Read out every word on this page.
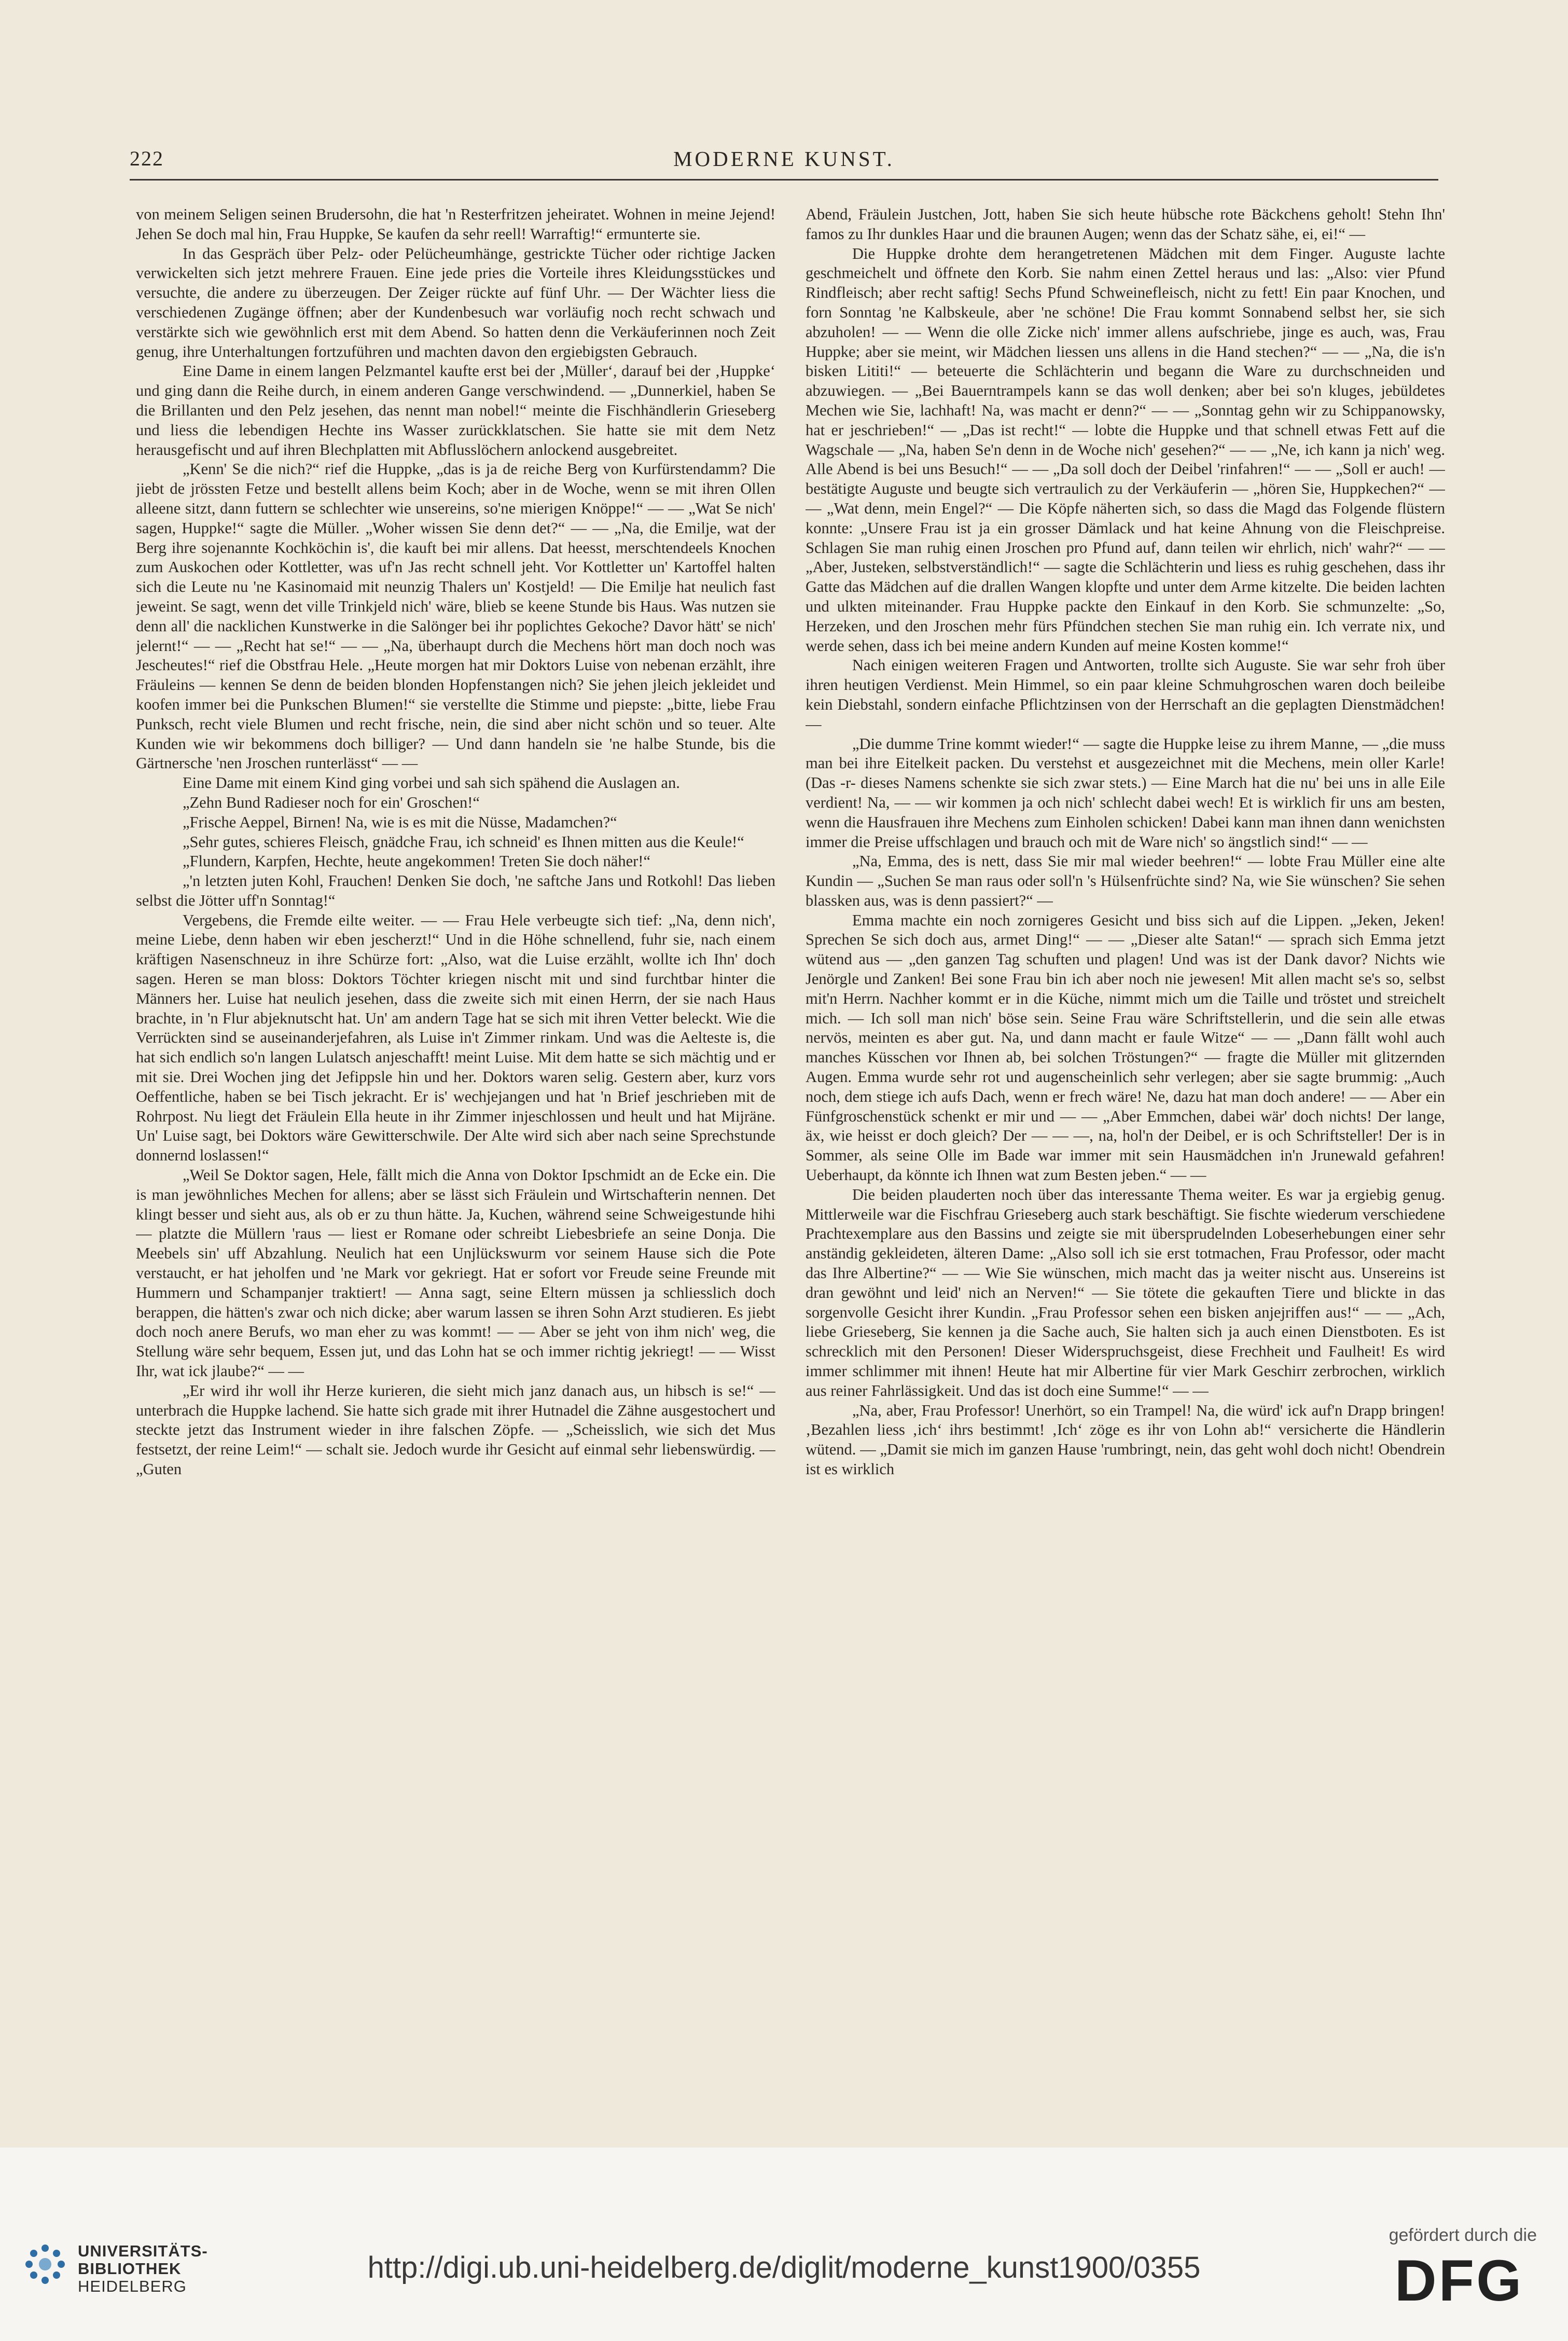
222	MODERNE KUNST.

von meinem Seligen seinen Brudersohn, die hat 'n Resterfritzen jeheiratet. Wohnen in meine Jejend! Jehen Se doch mal hin, Frau Huppke, Se kaufen da sehr reell! Warraftig!“ ermunterte sie.

In das Gespräch über Pelz- oder Pelücheumhänge, gestrickte Tücher oder richtige Jacken verwickelten sich jetzt mehrere Frauen. Eine jede pries die Vorteile ihres Kleidungsstückes und versuchte, die andere zu überzeugen. Der Zeiger rückte auf fünf Uhr. — Der Wächter liess die verschiedenen Zugänge öffnen; aber der Kundenbesuch war vorläufig noch recht schwach und verstärkte sich wie gewöhnlich erst mit dem Abend. So hatten denn die Verkäuferinnen noch Zeit genug, ihre Unterhaltungen fortzuführen und machten davon den ergiebigsten Gebrauch.

Eine Dame in einem langen Pelzmantel kaufte erst bei der ‚Müller‘, darauf bei der ‚Huppke‘ und ging dann die Reihe durch, in einem anderen Gange verschwindend. — „Dunnerkiel, haben Se die Brillanten und den Pelz jesehen, das nennt man nobel!“ meinte die Fischhändlerin Grieseberg und liess die lebendigen Hechte ins Wasser zurückklatschen. Sie hatte sie mit dem Netz herausgefischt und auf ihren Blechplatten mit Abflusslöchern anlockend ausgebreitet.

„Kenn' Se die nich?“ rief die Huppke, „das is ja de reiche Berg von Kurfürstendamm? Die jiebt de jrössten Fetze und bestellt allens beim Koch; aber in de Woche, wenn se mit ihren Ollen alleene sitzt, dann futtern se schlechter wie unsereins, so'ne mierigen Knöppe!“ — — „Wat Se nich' sagen, Huppke!“ sagte die Müller. „Woher wissen Sie denn det?“ — — „Na, die Emilje, wat der Berg ihre sojenannte Kochköchin is', die kauft bei mir allens. Dat heesst, merschtendeels Knochen zum Auskochen oder Kottletter, was uf'n Jas recht schnell jeht. Vor Kottletter un' Kartoffel halten sich die Leute nu 'ne Kasinomaid mit neunzig Thalers un' Kostjeld! — Die Emilje hat neulich fast jeweint. Se sagt, wenn det ville Trinkjeld nich' wäre, blieb se keene Stunde bis Haus. Was nutzen sie denn all' die nacklichen Kunstwerke in die Salönger bei ihr poplichtes Gekoche? Davor hätt' se nich' jelernt!“ — — „Recht hat se!“ — — „Na, überhaupt durch die Mechens hört man doch noch was Jescheutes!“ rief die Obstfrau Hele. „Heute morgen hat mir Doktors Luise von nebenan erzählt, ihre Fräuleins — kennen Se denn de beiden blonden Hopfenstangen nich? Sie jehen jleich jekleidet und koofen immer bei die Punkschen Blumen!“ sie verstellte die Stimme und piepste: „bitte, liebe Frau Punksch, recht viele Blumen und recht frische, nein, die sind aber nicht schön und so teuer. Alte Kunden wie wir bekommens doch billiger? — Und dann handeln sie 'ne halbe Stunde, bis die Gärtnersche 'nen Jroschen runterlässt“ — —

Eine Dame mit einem Kind ging vorbei und sah sich spähend die Auslagen an.

„Zehn Bund Radieser noch for ein' Groschen!“

„Frische Aeppel, Birnen! Na, wie is es mit die Nüsse, Madamchen?“

„Sehr gutes, schieres Fleisch, gnädche Frau, ich schneid' es Ihnen mitten aus die Keule!“

„Flundern, Karpfen, Hechte, heute angekommen! Treten Sie doch näher!“

„'n letzten juten Kohl, Frauchen! Denken Sie doch, 'ne saftche Jans und Rotkohl! Das lieben selbst die Jötter uff'n Sonntag!“

Vergebens, die Fremde eilte weiter. — — Frau Hele verbeugte sich tief: „Na, denn nich', meine Liebe, denn haben wir eben jescherzt!“ Und in die Höhe schnellend, fuhr sie, nach einem kräftigen Nasenschneuz in ihre Schürze fort: „Also, wat die Luise erzählt, wollte ich Ihn' doch sagen. Heren se man bloss: Doktors Töchter kriegen nischt mit und sind furchtbar hinter die Männers her. Luise hat neulich jesehen, dass die zweite sich mit einen Herrn, der sie nach Haus brachte, in 'n Flur abjeknutscht hat. Un' am andern Tage hat se sich mit ihren Vetter beleckt. Wie die Verrückten sind se auseinanderjefahren, als Luise in't Zimmer rinkam. Und was die Aelteste is, die hat sich endlich so'n langen Lulatsch anjeschafft! meint Luise. Mit dem hatte se sich mächtig und er mit sie. Drei Wochen jing det Jefippsle hin und her. Doktors waren selig. Gestern aber, kurz vors Oeffentliche, haben se bei Tisch jekracht. Er is' wechjejangen und hat 'n Brief jeschrieben mit de Rohrpost. Nu liegt det Fräulein Ella heute in ihr Zimmer injeschlossen und heult und hat Mijräne. Un' Luise sagt, bei Doktors wäre Gewitterschwile. Der Alte wird sich aber nach seine Sprechstunde donnernd loslassen!“

„Weil Se Doktor sagen, Hele, fällt mich die Anna von Doktor Ipschmidt an de Ecke ein. Die is man jewöhnliches Mechen for allens; aber se lässt sich Fräulein und Wirtschafterin nennen. Det klingt besser und sieht aus, als ob er zu thun hätte. Ja, Kuchen, während seine Schweigestunde hihi — platzte die Müllern 'raus — liest er Romane oder schreibt Liebesbriefe an seine Donja. Die Meebels sin' uff Abzahlung. Neulich hat een Unjlückswurm vor seinem Hause sich die Pote verstaucht, er hat jeholfen und 'ne Mark vor gekriegt. Hat er sofort vor Freude seine Freunde mit Hummern und Schampanjer traktiert! — Anna sagt, seine Eltern müssen ja schliesslich doch berappen, die hätten's zwar och nich dicke; aber warum lassen se ihren Sohn Arzt studieren. Es jiebt doch noch anere Berufs, wo man eher zu was kommt! — — Aber se jeht von ihm nich' weg, die Stellung wäre sehr bequem, Essen jut, und das Lohn hat se och immer richtig jekriegt! — — Wisst Ihr, wat ick jlaube?“ — —

„Er wird ihr woll ihr Herze kurieren, die sieht mich janz danach aus, un hibsch is se!“ — unterbrach die Huppke lachend. Sie hatte sich grade mit ihrer Hutnadel die Zähne ausgestochert und steckte jetzt das Instrument wieder in ihre falschen Zöpfe. — „Scheisslich, wie sich det Mus festsetzt, der reine Leim!“ — schalt sie. Jedoch wurde ihr Gesicht auf einmal sehr liebenswürdig. — „Guten

Abend, Fräulein Justchen, Jott, haben Sie sich heute hübsche rote Bäckchens geholt! Stehn Ihn' famos zu Ihr dunkles Haar und die braunen Augen; wenn das der Schatz sähe, ei, ei!“ —

Die Huppke drohte dem herangetretenen Mädchen mit dem Finger. Auguste lachte geschmeichelt und öffnete den Korb. Sie nahm einen Zettel heraus und las: „Also: vier Pfund Rindfleisch; aber recht saftig! Sechs Pfund Schweinefleisch, nicht zu fett! Ein paar Knochen, und forn Sonntag 'ne Kalbskeule, aber 'ne schöne! Die Frau kommt Sonnabend selbst her, sie sich abzuholen! — — Wenn die olle Zicke nich' immer allens aufschriebe, jinge es auch, was, Frau Huppke; aber sie meint, wir Mädchen liessen uns allens in die Hand stechen?“ — — „Na, die is'n bisken Lititi!“ — beteuerte die Schlächterin und begann die Ware zu durchschneiden und abzuwiegen. — „Bei Bauerntrampels kann se das woll denken; aber bei so'n kluges, jebüldetes Mechen wie Sie, lachhaft! Na, was macht er denn?“ — — „Sonntag gehn wir zu Schippanowsky, hat er jeschrieben!“ — „Das ist recht!“ — lobte die Huppke und that schnell etwas Fett auf die Wagschale — „Na, haben Se'n denn in de Woche nich' gesehen?“ — — „Ne, ich kann ja nich' weg. Alle Abend is bei uns Besuch!“ — — „Da soll doch der Deibel 'rinfahren!“ — — „Soll er auch! — bestätigte Auguste und beugte sich vertraulich zu der Verkäuferin — „hören Sie, Huppkechen?“ — — „Wat denn, mein Engel?“ — Die Köpfe näherten sich, so dass die Magd das Folgende flüstern konnte: „Unsere Frau ist ja ein grosser Dämlack und hat keine Ahnung von die Fleischpreise. Schlagen Sie man ruhig einen Jroschen pro Pfund auf, dann teilen wir ehrlich, nich' wahr?“ — — „Aber, Justeken, selbstverständlich!“ — sagte die Schlächterin und liess es ruhig geschehen, dass ihr Gatte das Mädchen auf die drallen Wangen klopfte und unter dem Arme kitzelte. Die beiden lachten und ulkten miteinander. Frau Huppke packte den Einkauf in den Korb. Sie schmunzelte: „So, Herzeken, und den Jroschen mehr fürs Pfündchen stechen Sie man ruhig ein. Ich verrate nix, und werde sehen, dass ich bei meine andern Kunden auf meine Kosten komme!“

Nach einigen weiteren Fragen und Antworten, trollte sich Auguste. Sie war sehr froh über ihren heutigen Verdienst. Mein Himmel, so ein paar kleine Schmuhgroschen waren doch beileibe kein Diebstahl, sondern einfache Pflichtzinsen von der Herrschaft an die geplagten Dienstmädchen! —

„Die dumme Trine kommt wieder!“ — sagte die Huppke leise zu ihrem Manne, — „die muss man bei ihre Eitelkeit packen. Du verstehst et ausgezeichnet mit die Mechens, mein oller Karle! (Das -r- dieses Namens schenkte sie sich zwar stets.) — Eine March hat die nu' bei uns in alle Eile verdient! Na, — — wir kommen ja och nich' schlecht dabei wech! Et is wirklich fir uns am besten, wenn die Hausfrauen ihre Mechens zum Einholen schicken! Dabei kann man ihnen dann wenichsten immer die Preise uffschlagen und brauch och mit de Ware nich' so ängstlich sind!“ — —

„Na, Emma, des is nett, dass Sie mir mal wieder beehren!“ — lobte Frau Müller eine alte Kundin — „Suchen Se man raus oder soll'n 's Hülsenfrüchte sind? Na, wie Sie wünschen? Sie sehen blassken aus, was is denn passiert?“ —

Emma machte ein noch zornigeres Gesicht und biss sich auf die Lippen. „Jeken, Jeken! Sprechen Se sich doch aus, armet Ding!“ — — „Dieser alte Satan!“ — sprach sich Emma jetzt wütend aus — „den ganzen Tag schuften und plagen! Und was ist der Dank davor? Nichts wie Jenörgle und Zanken! Bei sone Frau bin ich aber noch nie jewesen! Mit allen macht se's so, selbst mit'n Herrn. Nachher kommt er in die Küche, nimmt mich um die Taille und tröstet und streichelt mich. — Ich soll man nich' böse sein. Seine Frau wäre Schriftstellerin, und die sein alle etwas nervös, meinten es aber gut. Na, und dann macht er faule Witze“ — — „Dann fällt wohl auch manches Küsschen vor Ihnen ab, bei solchen Tröstungen?“ — fragte die Müller mit glitzernden Augen. Emma wurde sehr rot und augenscheinlich sehr verlegen; aber sie sagte brummig: „Auch noch, dem stiege ich aufs Dach, wenn er frech wäre! Ne, dazu hat man doch andere! — — Aber ein Fünfgroschenstück schenkt er mir und — — „Aber Emmchen, dabei wär' doch nichts! Der lange, äx, wie heisst er doch gleich? Der — — —, na, hol'n der Deibel, er is och Schriftsteller! Der is in Sommer, als seine Olle im Bade war immer mit sein Hausmädchen in'n Jrunewald gefahren! Ueberhaupt, da könnte ich Ihnen wat zum Besten jeben.“ — —

Die beiden plauderten noch über das interessante Thema weiter. Es war ja ergiebig genug. Mittlerweile war die Fischfrau Grieseberg auch stark beschäftigt. Sie fischte wiederum verschiedene Prachtexemplare aus den Bassins und zeigte sie mit übersprudelnden Lobeserhebungen einer sehr anständig gekleideten, älteren Dame: „Also soll ich sie erst totmachen, Frau Professor, oder macht das Ihre Albertine?“ — — Wie Sie wünschen, mich macht das ja weiter nischt aus. Unsereins ist dran gewöhnt und leid' nich an Nerven!“ — Sie tötete die gekauften Tiere und blickte in das sorgenvolle Gesicht ihrer Kundin. „Frau Professor sehen een bisken anjejriffen aus!“ — — „Ach, liebe Grieseberg, Sie kennen ja die Sache auch, Sie halten sich ja auch einen Dienstboten. Es ist schrecklich mit den Personen! Dieser Widerspruchsgeist, diese Frechheit und Faulheit! Es wird immer schlimmer mit ihnen! Heute hat mir Albertine für vier Mark Geschirr zerbrochen, wirklich aus reiner Fahrlässigkeit. Und das ist doch eine Summe!“ — —

„Na, aber, Frau Professor! Unerhört, so ein Trampel! Na, die würd' ick auf'n Drapp bringen! ‚Bezahlen liess ‚ich‘ ihrs bestimmt! ‚Ich‘ zöge es ihr von Lohn ab!“ versicherte die Händlerin wütend. — „Damit sie mich im ganzen Hause 'rumbringt, nein, das geht wohl doch nicht! Obendrein ist es wirklich

UNIVERSITÄTS-
BIBLIOTHEK
HEIDELBERG
http://digi.ub.uni-heidelberg.de/diglit/moderne_kunst1900/0355
gefördert durch die
DFG
